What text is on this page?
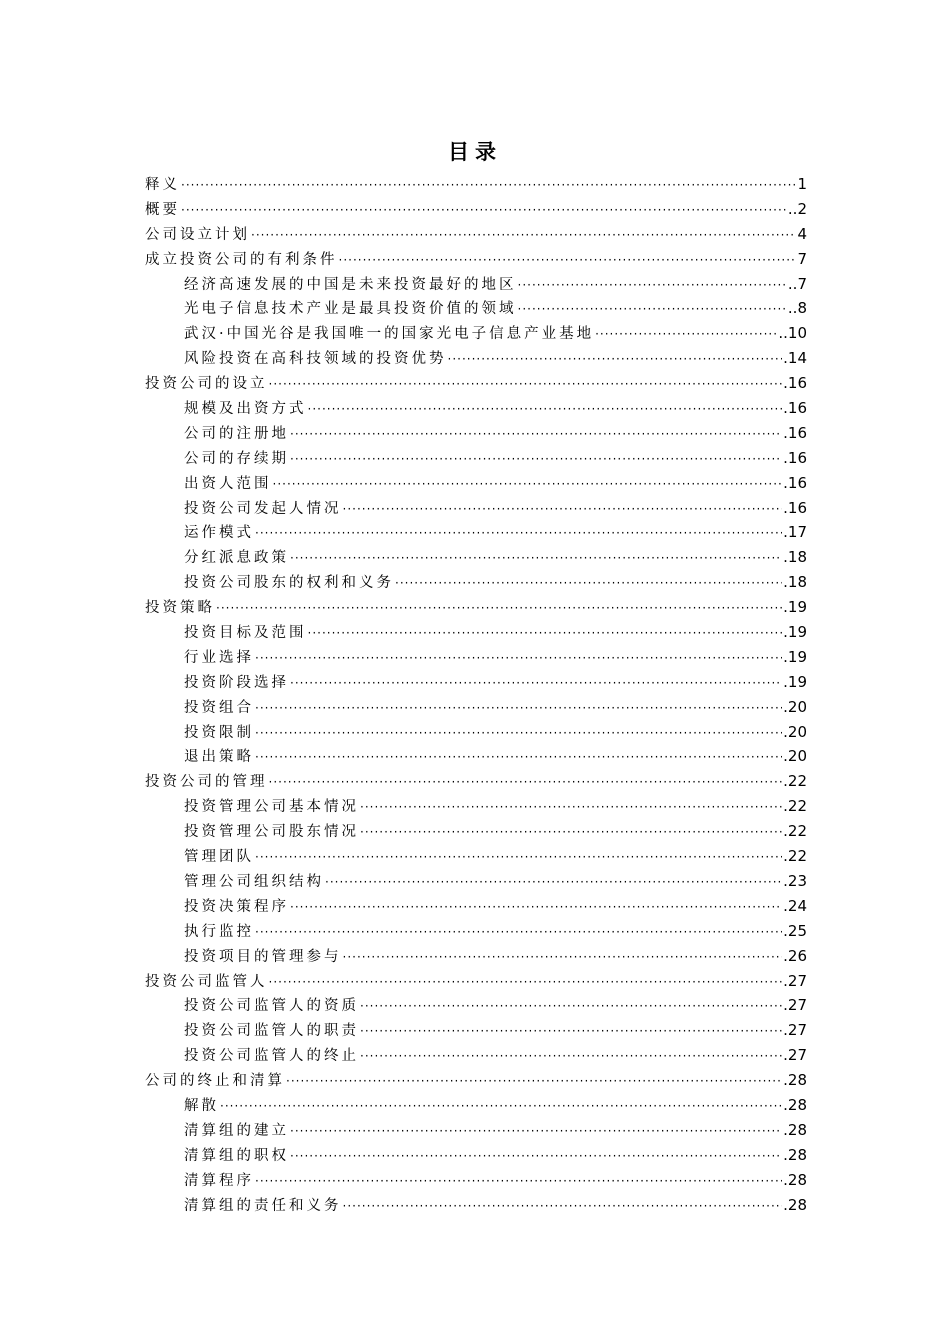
目录
释义 ·····	1
概要 ·····	..2
公司设立计划 ·····	4
成立投资公司的有利条件 ·····	7
经济高速发展的中国是未来投资最好的地区 ·····	..7
光电子信息技术产业是最具投资价值的领域 ·····	..8
武汉·中国光谷是我国唯一的国家光电子信息产业基地 ·····	..10
风险投资在高科技领域的投资优势 ·····	.14
投资公司的设立 ·····	.16
规模及出资方式 ·····	.16
公司的注册地 ·····	.16
公司的存续期 ·····	.16
出资人范围 ·····	.16
投资公司发起人情况 ·····	.16
运作模式 ·····	.17
分红派息政策 ·····	.18
投资公司股东的权利和义务 ·····	.18
投资策略 ·····	.19
投资目标及范围 ·····	.19
行业选择 ·····	.19
投资阶段选择 ·····	.19
投资组合 ·····	.20
投资限制 ·····	.20
退出策略 ·····	.20
投资公司的管理 ·····	.22
投资管理公司基本情况 ·····	.22
投资管理公司股东情况 ·····	.22
管理团队 ·····	.22
管理公司组织结构 ·····	.23
投资决策程序 ·····	.24
执行监控 ·····	.25
投资项目的管理参与 ·····	.26
投资公司监管人 ·····	.27
投资公司监管人的资质 ·····	.27
投资公司监管人的职责 ·····	.27
投资公司监管人的终止 ·····	.27
公司的终止和清算 ·····	.28
解散 ·····	.28
清算组的建立 ·····	.28
清算组的职权 ·····	.28
清算程序 ·····	.28
清算组的责任和义务 ·····	.28
